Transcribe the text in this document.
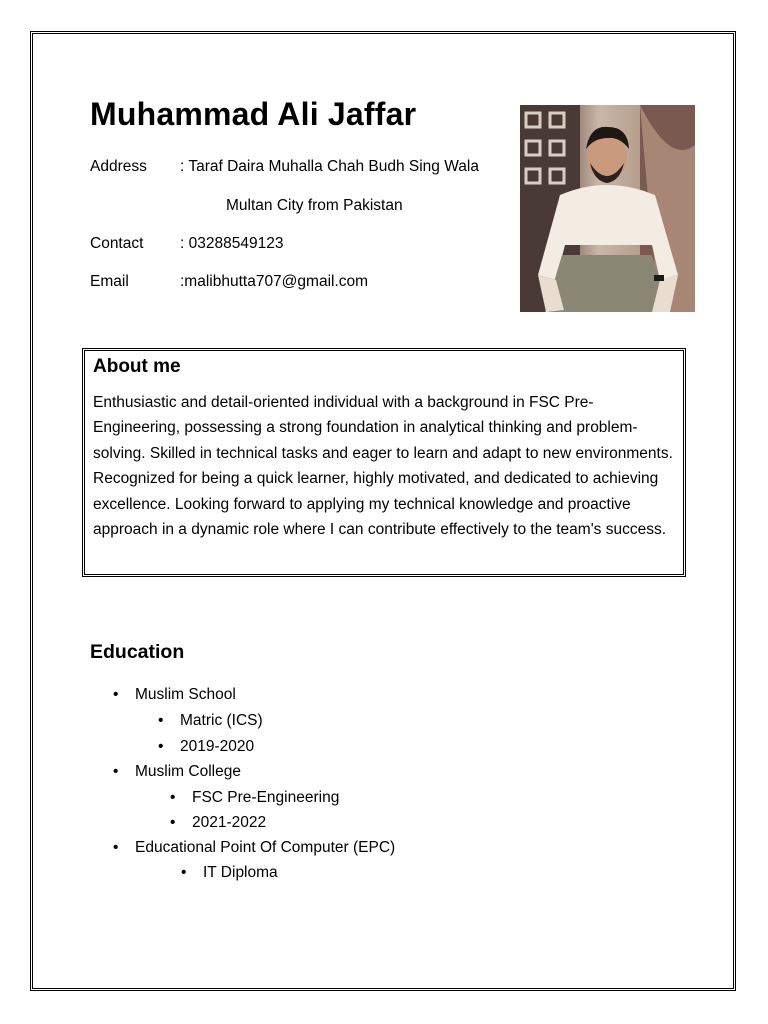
Muhammad Ali Jaffar
Address : Taraf Daira Muhalla Chah Budh Sing Wala
Multan City from Pakistan
Contact : 03288549123
Email	:malibhutta707@gmail.com
About me

Enthusiastic and detail-oriented individual with a background in FSC Pre-Engineering, possessing a strong foundation in analytical thinking and problem-solving. Skilled in technical tasks and eager to learn and adapt to new environments. Recognized for being a quick learner, highly motivated, and dedicated to achieving excellence. Looking forward to applying my technical knowledge and proactive approach in a dynamic role where I can contribute effectively to the team's success.

Education
• Muslim School
• Matric (ICS)
• 2019-2020
• Muslim College
• FSC Pre-Engineering
• 2021-2022
• Educational Point Of Computer (EPC)
• IT Diploma
